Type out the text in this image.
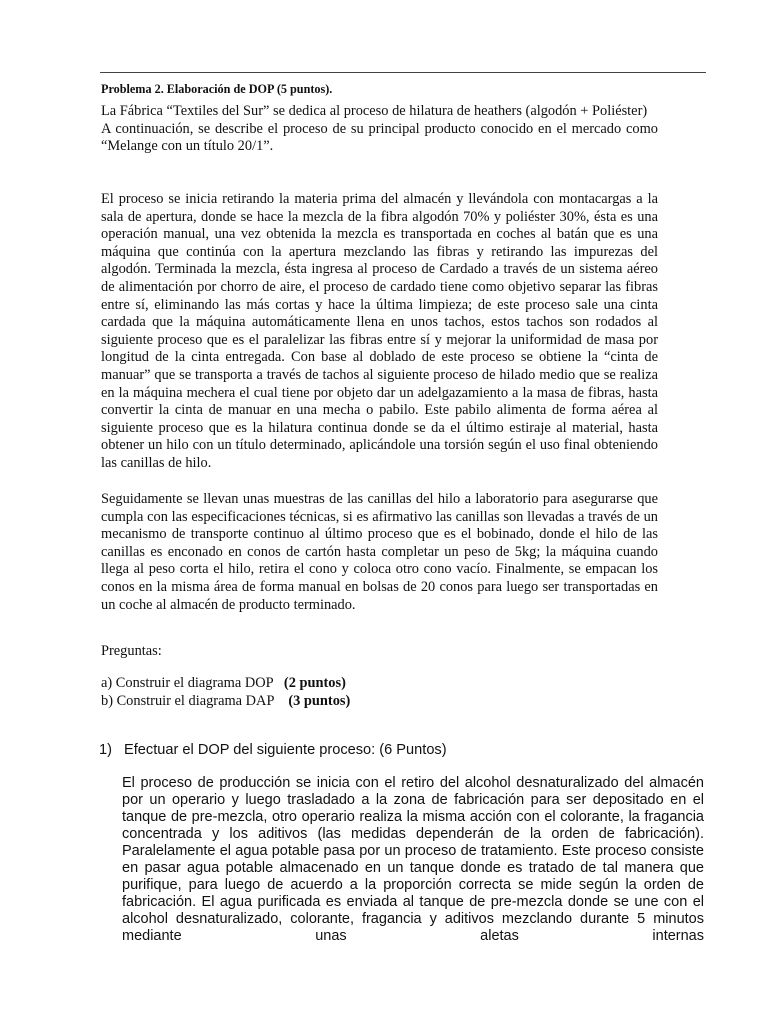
Problema 2. Elaboración de DOP (5 puntos).

La Fábrica “Textiles del Sur” se dedica al proceso de hilatura de heathers (algodón + Poliéster)
A continuación, se describe el proceso de su principal producto conocido en el mercado como “Melange con un título 20/1”.

El proceso se inicia retirando la materia prima del almacén y llevándola con montacargas a la sala de apertura, donde se hace la mezcla de la fibra algodón 70% y poliéster 30%, ésta es una operación manual, una vez obtenida la mezcla es transportada en coches al batán que es una máquina que continúa con la apertura mezclando las fibras y retirando las impurezas del algodón. Terminada la mezcla, ésta ingresa al proceso de Cardado a través de un sistema aéreo de alimentación por chorro de aire, el proceso de cardado tiene como objetivo separar las fibras entre sí, eliminando las más cortas y hace la última limpieza; de este proceso sale una cinta cardada que la máquina automáticamente llena en unos tachos, estos tachos son rodados al siguiente proceso que es el paralelizar las fibras entre sí y mejorar la uniformidad de masa por longitud de la cinta entregada. Con base al doblado de este proceso se obtiene la “cinta de manuar” que se transporta a través de tachos al siguiente proceso de hilado medio que se realiza en la máquina mechera el cual tiene por objeto dar un adelgazamiento a la masa de fibras, hasta convertir la cinta de manuar en una mecha o pabilo. Este pabilo alimenta de forma aérea al siguiente proceso que es la hilatura continua donde se da el último estiraje al material, hasta obtener un hilo con un título determinado, aplicándole una torsión según el uso final obteniendo las canillas de hilo.

Seguidamente se llevan unas muestras de las canillas del hilo a laboratorio para asegurarse que cumpla con las especificaciones técnicas, si es afirmativo las canillas son llevadas a través de un mecanismo de transporte continuo al último proceso que es el bobinado, donde el hilo de las canillas es enconado en conos de cartón hasta completar un peso de 5kg; la máquina cuando llega al peso corta el hilo, retira el cono y coloca otro cono vacío. Finalmente, se empacan los conos en la misma área de forma manual en bolsas de 20 conos para luego ser transportadas en un coche al almacén de producto terminado.

Preguntas:

a) Construir el diagrama DOP   (2 puntos)
b) Construir el diagrama DAP    (3 puntos)

1) Efectuar el DOP del siguiente proceso: (6 Puntos)

El proceso de producción se inicia con el retiro del alcohol desnaturalizado del almacén por un operario y luego trasladado a la zona de fabricación para ser depositado en el tanque de pre-mezcla, otro operario realiza la misma acción con el colorante, la fragancia concentrada y los aditivos (las medidas dependerán de la orden de fabricación). Paralelamente el agua potable pasa por un proceso de tratamiento. Este proceso consiste en pasar agua potable almacenado en un tanque donde es tratado de tal manera que purifique, para luego de acuerdo a la proporción correcta se mide según la orden de fabricación. El agua purificada es enviada al tanque de pre-mezcla donde se une con el alcohol desnaturalizado, colorante, fragancia y aditivos mezclando durante 5 minutos mediante unas aletas internas
